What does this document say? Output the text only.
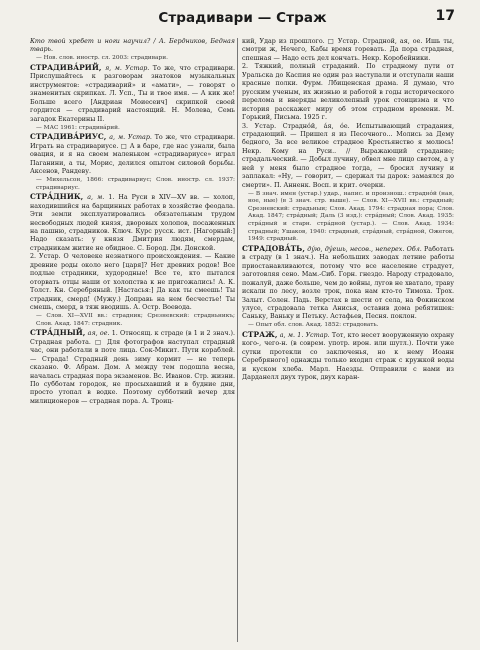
Страдивари — Страж	17

Кто твой хребет и ноги научил? / А. Бердников, Бедная тварь.

— Нов. слов. иностр. сл. 2003: страдивари.

СТРАДИВА́РИЙ, я, м. Устар. То же, что страдивари. Прислушайтесь к разговорам знатоков музыкальных инструментов: «страдиварий» и «амати», — говорят о знаменитых скрипках. Л. Усп., Ты и твое имя. — А кик же! Больше всего [Андриан Моиесеич] скрипкой своей гордится — страдиварий настоящий. Н. Молева, Семь загадок Екатерины II.

— МАС 1961: страдива́рий.

СТРАДИВА́РИУС, а, м. Устар. То же, что страдивари. Играть на страдивариусе. □ А в баре, где нас узнали, была овация, и я на своем маленьком «страдивариусе» играл Паганини, а ты, Морис, делился опытом силовой борьбы. Аксенов, Рандеву.

— Михельсон, 1866: страдивариус; Слов. иностр. сл. 1937: страдивариус.

СТРА́ДНИК, а, м. 1. На Руси в XIV—XV вв. — холоп, находившийся на барщинных работах в хозяйстве феодала. Эти земли эксплуатировались обязательным трудом несвободных людей князя, дворовых холопов, посаженных на пашню, страдников. Ключ. Курс русск. ист. [Нагорный:] Надо сказать: у князя Дмитрия людям, смердам, страдникам житие не обидное. С. Бород. Дм. Донской.

2. Устар. О человеке незнатного происхождения. — Какие древние роды около него [царя]? Нет древних родов! Все подлые страдники, худородные! Все те, кто пытался оторвать отцы наши от холопства к не пригожались! А. К. Толст. Кн. Серебряный. [Настасья:] Да как ты смеешь! Ты страдник, смерд! (Мужу.) Доправь на нем бесчестье! Ты смешь, смерд, в тяж вводишь. А. Остр. Воевода.

— Слов. XI—XVII вв.: страдник; Срезневский: страдньникъ; Слов. Акад. 1847: страдник.

СТРА́ДНЫЙ, ая, ое. 1. Относящ. к страде (в 1 и 2 знач.). Страдная работа. □ Для фотографов наступал страдный час, они работали в поте лица. Сок-Микит. Пути кораблей. — Страда! Страдный день зиму кормит — не теперь сказано. Ф. Абрам. Дом. А между тем подошла весна, началась страдная пора экзаменов. Вс. Иванов. Стр. жизни. По субботам городок, не просыхавший и в будние дни, просто утопал в водке. Поэтому субботний вечер для милиционеров — страдная пора. А. Троиц-

кий, Удар из прошлого. □ Устар. Страдной, ая, ое. Ишь ты, смотри ж, Нечего, Кабы время горевать. Да пора страдная, спешная — Надо есть дел кончать. Некр. Коробейники.

2. Тяжкий, полный страданий. По страдному пути от Уральска до Каспия не один раз наступали и отступали наши красные полки. Фурм. Лбищенская драма. Я думаю, что русским ученым, их жизнью и работой в годы исторического перелома и внеряды великолепный урок стоицизма и что история расскажет миру об этом страдном времени. М. Горький, Письма. 1925 г.

3. Устар. Страдно́й, а́я, о́е. Испытывающий страдания, страдающий. — Пришел я из Песочного... Молись за Дему бедного, За все великое страдное Крестьянство я молюсь! Некр. Кому на Руси.. // Выражающий страдание; страдальческий. — Добыл лучину, обвел мне лицо светом, а у ней у меня было страдное тогда, — бросил лучину и заплакал: «Ну, — говорит, — сдержал ты дарок: замаялся до смерти». П. Анненк. Восп. и крит. очерки.

— В знач. имен (устар.) удар., напис. и произнош.: страдно́й (ная, ное, ные) (в 3 знач. стр. выше). — Слов. XI—XVII вв.: страдный; Срезневский: страдьныи; Слов. Акад. 1794: страдная пора; Слов. Акад. 1847; стра́дный; Даль (3 изд.): стра́дный; Слов. Акад. 1935: стра́дный и старн. стра́дной (устар.). — Слов. Акад. 1934: страдный; Ушаков, 1940: страдный, стра́дный, стра́дной, Ожегов, 1949: страдный.

СТРАДОВА́ТЬ, ду́ю, ду́ешь, несов., неперех. Обл. Работать в страду (в 1 знач.). На небольших заводах летние работы приостанавливаются, потому что все население страдует, заготовляя сено. Мам.-Сиб. Горн. гнездо. Народу страдовало, пожалуй, даже больше, чем до войны, лугов не хватало, траву искали по лесу, возле трок, пока нам кто-то Тимоха. Трох. Залыт. Солен. Падь. Верстах в шести от села, на Фокинском улусе, страдовала тетка Анисья, оставив дома ребятишек: Саньку, Ваньку и Петьку. Астафьев, Песня. поклон.

— Опыт обл. слов. Акад. 1852: страдовать.

СТРАЖ, а, м. 1. Устар. Тот, кто несет вооруженную охрану кого-, чего-н. (в соврем. употр. ирон. или шутл.). Почти уже сутки протекли со заключенья, но к нему Иоанн Серебряного] однажды только входил страж с кружкой воды и куском хлеба. Марл. Наезды. Отправили с нами из Дарданелл двух турок, двух каран-
